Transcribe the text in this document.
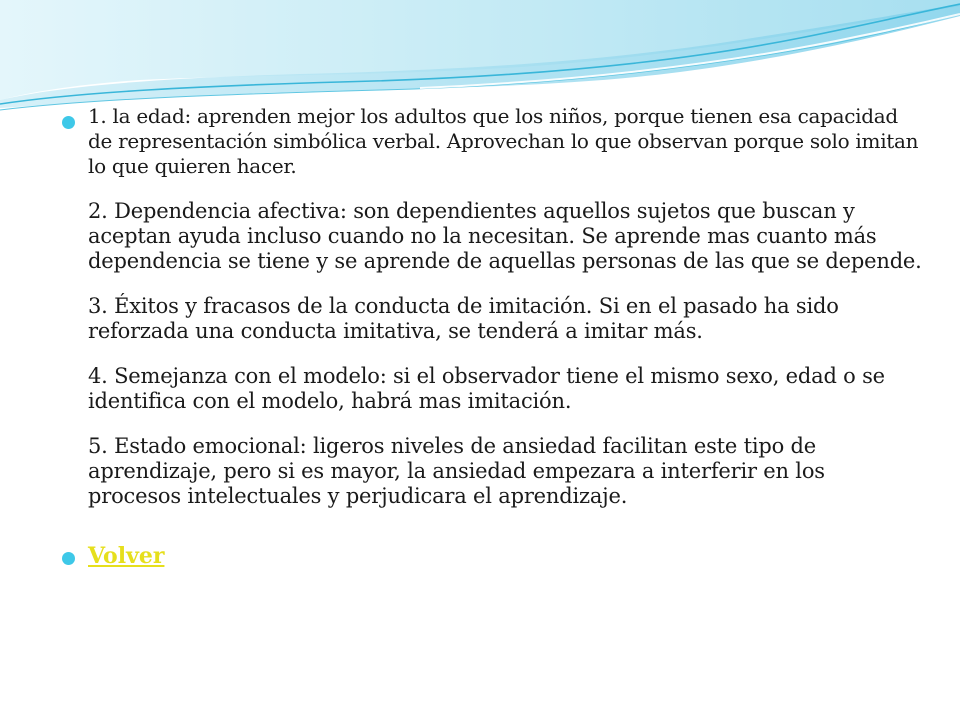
1. la edad: aprenden mejor los adultos que los niños, porque tienen esa capacidad de representación simbólica verbal. Aprovechan lo que observan porque solo imitan lo que quieren hacer.
2. Dependencia afectiva: son dependientes aquellos sujetos que buscan y aceptan ayuda incluso cuando no la necesitan. Se aprende mas cuanto más dependencia se tiene y se aprende de aquellas personas de las que se depende.
3. Éxitos y fracasos de la conducta de imitación. Si en el pasado ha sido reforzada una conducta imitativa, se tenderá a imitar más.
4. Semejanza con el modelo: si el observador tiene el mismo sexo, edad o se identifica con el modelo, habrá mas imitación.
5. Estado emocional: ligeros niveles de ansiedad facilitan este tipo de aprendizaje, pero si es mayor, la ansiedad empezara a interferir en los procesos intelectuales y perjudicara el aprendizaje.
Volver
